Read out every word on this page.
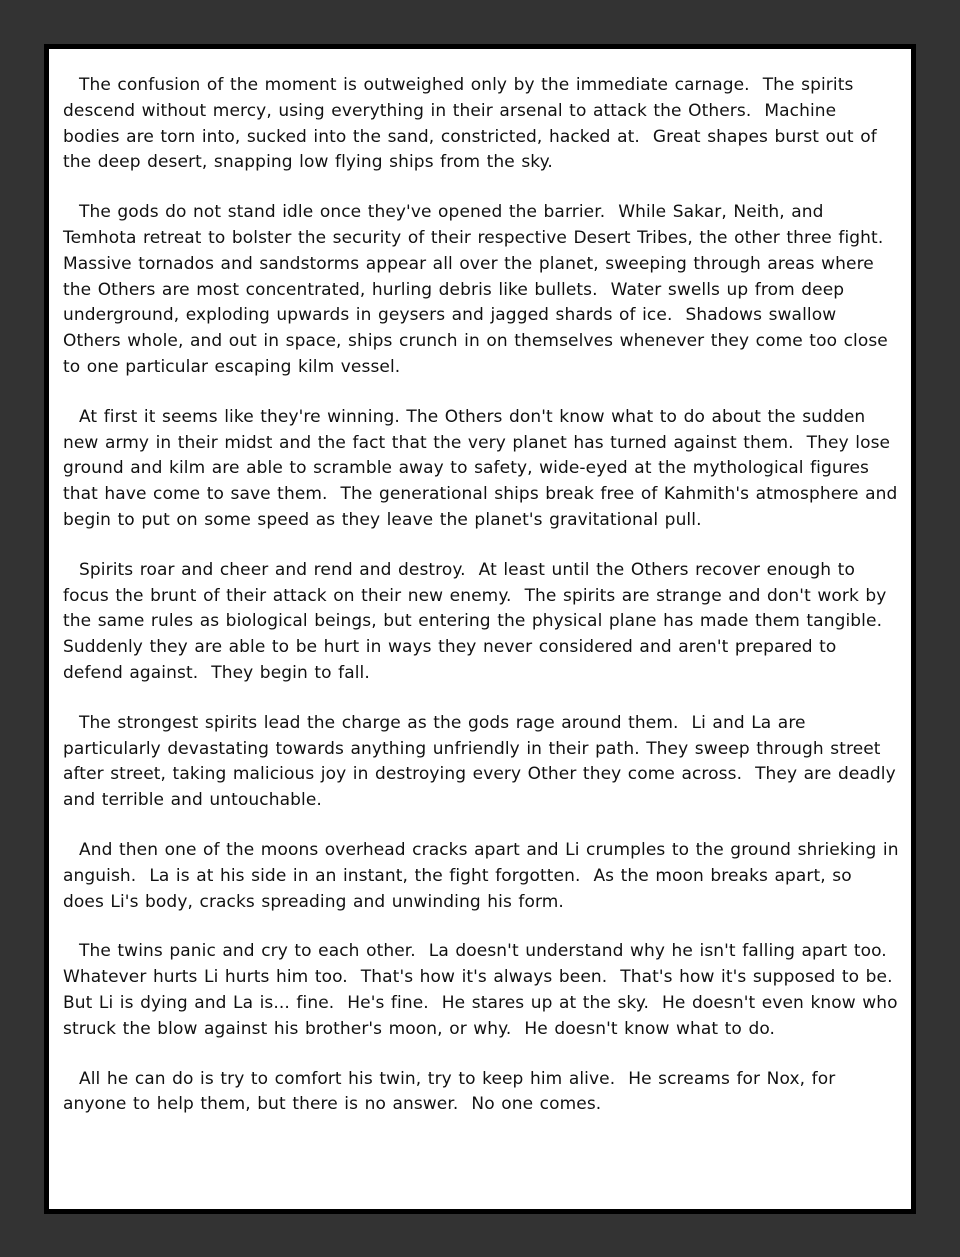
The confusion of the moment is outweighed only by the immediate carnage.  The spirits descend without mercy, using everything in their arsenal to attack the Others.  Machine bodies are torn into, sucked into the sand, constricted, hacked at.  Great shapes burst out of the deep desert, snapping low flying ships from the sky.

The gods do not stand idle once they've opened the barrier.  While Sakar, Neith, and Temhota retreat to bolster the security of their respective Desert Tribes, the other three fight.  Massive tornados and sandstorms appear all over the planet, sweeping through areas where the Others are most concentrated, hurling debris like bullets.  Water swells up from deep underground, exploding upwards in geysers and jagged shards of ice.  Shadows swallow Others whole, and out in space, ships crunch in on themselves whenever they come too close to one particular escaping kilm vessel.

At first it seems like they're winning. The Others don't know what to do about the sudden new army in their midst and the fact that the very planet has turned against them.  They lose ground and kilm are able to scramble away to safety, wide-eyed at the mythological figures that have come to save them.  The generational ships break free of Kahmith's atmosphere and begin to put on some speed as they leave the planet's gravitational pull.

Spirits roar and cheer and rend and destroy.  At least until the Others recover enough to focus the brunt of their attack on their new enemy.  The spirits are strange and don't work by the same rules as biological beings, but entering the physical plane has made them tangible.  Suddenly they are able to be hurt in ways they never considered and aren't prepared to defend against.  They begin to fall.

The strongest spirits lead the charge as the gods rage around them.  Li and La are particularly devastating towards anything unfriendly in their path. They sweep through street after street, taking malicious joy in destroying every Other they come across.  They are deadly and terrible and untouchable.

And then one of the moons overhead cracks apart and Li crumples to the ground shrieking in anguish.  La is at his side in an instant, the fight forgotten.  As the moon breaks apart, so does Li's body, cracks spreading and unwinding his form.

The twins panic and cry to each other.  La doesn't understand why he isn't falling apart too.  Whatever hurts Li hurts him too.  That's how it's always been.  That's how it's supposed to be.  But Li is dying and La is... fine.  He's fine.  He stares up at the sky.  He doesn't even know who struck the blow against his brother's moon, or why.  He doesn't know what to do.

All he can do is try to comfort his twin, try to keep him alive.  He screams for Nox, for anyone to help them, but there is no answer.  No one comes.
